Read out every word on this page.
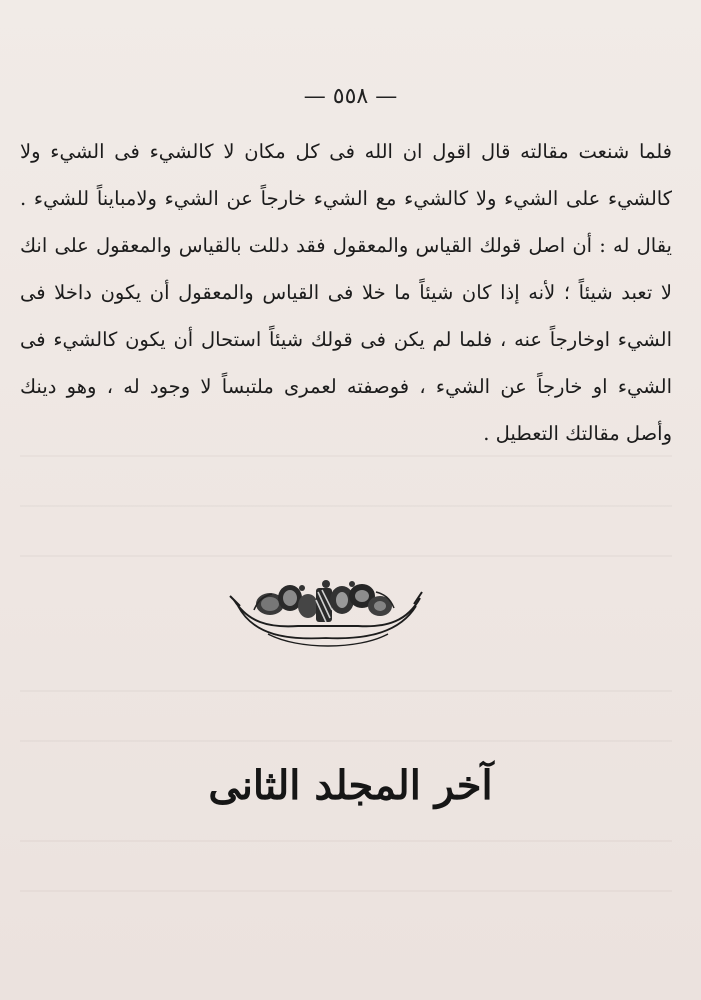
— ٥٥٨ —
فلما شنعت مقالته قال اقول ان الله فى كل مكان لا كالشيء فى الشيء ولا
كالشيء على الشيء ولا كالشيء مع الشيء خارجاً عن الشيء ولامبايناً للشيء .
يقال له : أن اصل قولك القياس والمعقول فقد دللت بالقياس والمعقول على انك
لا تعبد شيئاً ؛ لأنه إذا كان شيئاً ما خلا فى القياس والمعقول أن يكون داخلا فى
الشيء اوخارجاً عنه ، فلما لم يكن فى قولك شيئاً استحال أن يكون كالشيء فى
الشيء او خارجاً عن الشيء ، فوصفته لعمرى ملتبساً لا وجود له ، وهو دينك
وأصل مقالتك التعطيل .
آخر المجلد الثانى
